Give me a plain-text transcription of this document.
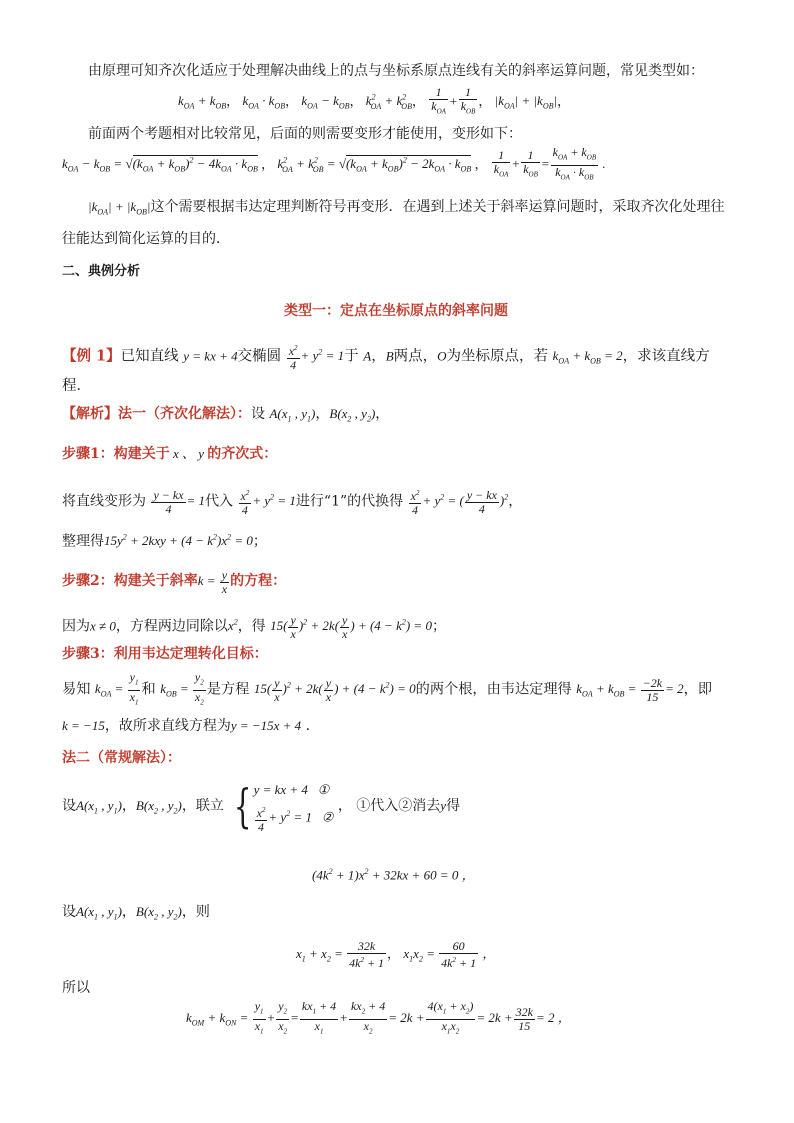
由原理可知齐次化适应于处理解决曲线上的点与坐标系原点连线有关的斜率运算问题，常见类型如：
$k_{OA} + k_{OB}$， $k_{OA} \cdot k_{OB}$， $k_{OA} - k_{OB}$， $k^2_{OA} + k^2_{OB}$， $\frac{1}{k_{OA}} + \frac{1}{k_{OB}}$ ， $|k_{OA}| + |k_{OB}|$，
前面两个考题相对比较常见，后面的则需要变形才能使用，变形如下：
$k_{OA} - k_{OB} = √(k_{OA} + k_{OB})^2 - 4k_{OA} \cdot k_{OB}$ ， $k^2_{OA} + k^2_{OB} = √(k_{OA} + k_{OB})^2 - 2k_{OA} \cdot k_{OB}$ ， $\frac{1}{k_{OA}} + \frac{1}{k_{OB}} = \frac{k_{OA} + k_{OB}}{k_{OA} \cdot k_{OB}}$ .
$|k_{OA}| + |k_{OB}|$这个需要根据韦达定理判断符号再变形．在遇到上述关于斜率运算问题时，采取齐次化处理往
往能达到简化运算的目的．
二、典例分析
类型一：定点在坐标原点的斜率问题
【例 1】已知直线 y = kx + 4交椭圆 $\frac{x^2}{4} + y^2 = 1$于 A，B两点，O为坐标原点，若 $k_{OA} + k_{OB} = 2$，求该直线方
程．
【解析】法一（齐次化解法）：设 $A(x_1$ , $y_1$)，$B(x_2$ , $y_2$)，
步骤1：构建关于 x 、 y 的齐次式：
将直线变形为 $\frac{y - kx}{4} = 1$代入 $\frac{x^2}{4} + y^2 = 1$进行“1”的代换得 $\frac{x^2}{4} + y^2$ = ( $\frac{y - kx}{4} )^2$，
整理得$15y^2 + 2kxy + (4 - k^2)x^2 = 0$；
步骤2：构建关于斜率$k = \frac{y}{x}$ 的方程：
因为x ≠ 0，方程两边同除以$x^2$，得 $15( \frac{y}{x} )^2 + 2k( \frac{y}{x}$ ) + $(4 - k^2) = 0$；
步骤3：利用韦达定理转化目标：
易知 $k_{OA} = \frac{y_1}{x_1}$ 和 $k_{OB} = \frac{y_2}{x_2}$ 是方程 $15( \frac{y}{x} )^2 + 2k( \frac{y}{x}$ ) + $(4 - k^2) = 0$的两个根，由韦达定理得 $k_{OA} + k_{OB} = \frac{-2k}{15} = 2$，即
k = −15，故所求直线方程为y = −15x + 4 .
法二（常规解法）：
设$A(x_1$ , $y_1$)，$B(x_2$ , $y_2$)，联立 { y = kx + 4   ①
$\frac{x^2}{4} + y^2 = 1$   ②
， ①代入②消去y得
$(4k^2 + 1)x^2 + 32kx + 60 = 0$ ，
设$A(x_1$ , $y_1$)，$B(x_2$ , $y_2$)，则
$x_1 + x_2 = \frac{32k}{4k^2 + 1}$ ， $x_1x_2 = \frac{60}{4k^2 + 1}$ ，
所以
$k_{OM} + k_{ON} = \frac{y_1}{x_1} + \frac{y_2}{x_2} = \frac{kx_1 + 4}{x_1} + \frac{kx_2 + 4}{x_2} = 2k + \frac{4(x_1 + x_2)}{x_1x_2} = 2k + \frac{32k}{15} = 2$ ，
